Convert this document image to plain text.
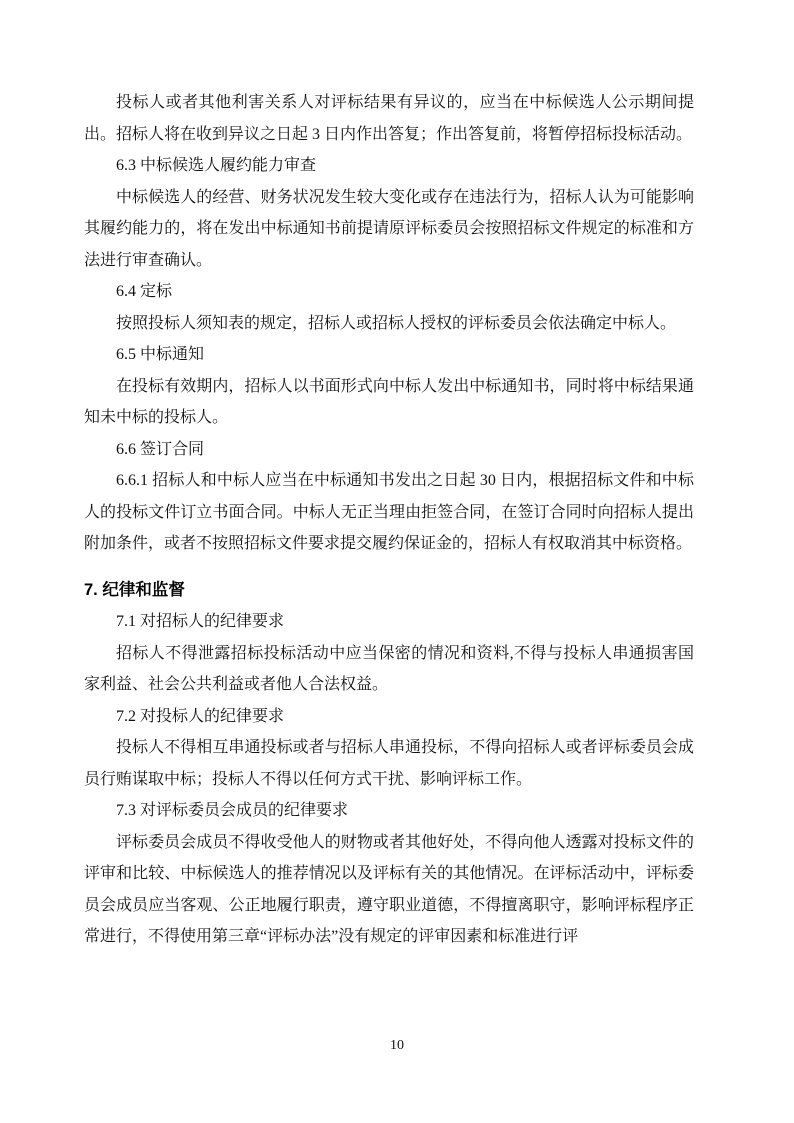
投标人或者其他利害关系人对评标结果有异议的，应当在中标候选人公示期间提出。招标人将在收到异议之日起 3 日内作出答复；作出答复前，将暂停招标投标活动。

6.3 中标候选人履约能力审查

中标候选人的经营、财务状况发生较大变化或存在违法行为，招标人认为可能影响其履约能力的，将在发出中标通知书前提请原评标委员会按照招标文件规定的标准和方法进行审查确认。

6.4 定标

按照投标人须知表的规定，招标人或招标人授权的评标委员会依法确定中标人。

6.5 中标通知

在投标有效期内，招标人以书面形式向中标人发出中标通知书，同时将中标结果通知未中标的投标人。

6.6 签订合同

6.6.1 招标人和中标人应当在中标通知书发出之日起 30 日内，根据招标文件和中标人的投标文件订立书面合同。中标人无正当理由拒签合同，在签订合同时向招标人提出附加条件，或者不按照招标文件要求提交履约保证金的，招标人有权取消其中标资格。

7. 纪律和监督

7.1 对招标人的纪律要求

招标人不得泄露招标投标活动中应当保密的情况和资料,不得与投标人串通损害国家利益、社会公共利益或者他人合法权益。

7.2 对投标人的纪律要求

投标人不得相互串通投标或者与招标人串通投标，不得向招标人或者评标委员会成员行贿谋取中标；投标人不得以任何方式干扰、影响评标工作。

7.3 对评标委员会成员的纪律要求

评标委员会成员不得收受他人的财物或者其他好处，不得向他人透露对投标文件的评审和比较、中标候选人的推荐情况以及评标有关的其他情况。在评标活动中，评标委员会成员应当客观、公正地履行职责，遵守职业道德，不得擅离职守，影响评标程序正常进行，不得使用第三章“评标办法”没有规定的评审因素和标准进行评

10
